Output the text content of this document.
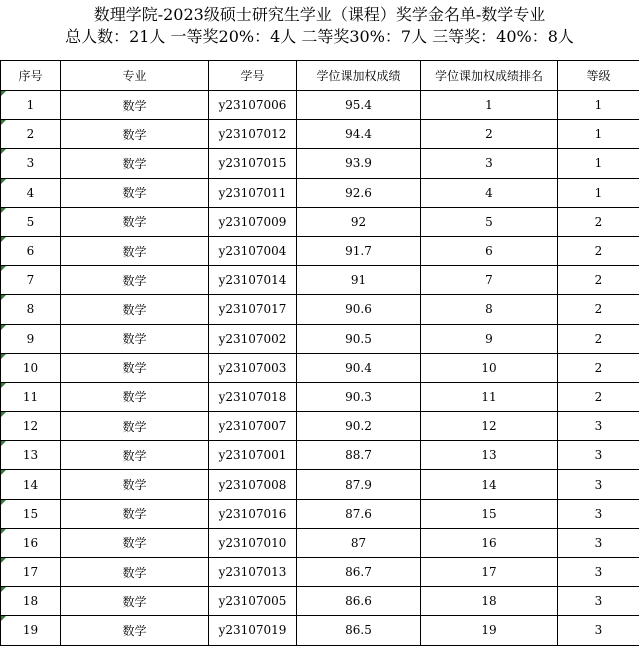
数理学院-2023级硕士研究生学业（课程）奖学金名单-数学专业
总人数：21人 一等奖20%：4人 二等奖30%：7人 三等奖：40%：8人
序号	专业	学号	学位课加权成绩	学位课加权成绩排名	等级
1	数学	y23107006	95.4	1	1
2	数学	y23107012	94.4	2	1
3	数学	y23107015	93.9	3	1
4	数学	y23107011	92.6	4	1
5	数学	y23107009	92	5	2
6	数学	y23107004	91.7	6	2
7	数学	y23107014	91	7	2
8	数学	y23107017	90.6	8	2
9	数学	y23107002	90.5	9	2
10	数学	y23107003	90.4	10	2
11	数学	y23107018	90.3	11	2
12	数学	y23107007	90.2	12	3
13	数学	y23107001	88.7	13	3
14	数学	y23107008	87.9	14	3
15	数学	y23107016	87.6	15	3
16	数学	y23107010	87	16	3
17	数学	y23107013	86.7	17	3
18	数学	y23107005	86.6	18	3
19	数学	y23107019	86.5	19	3
